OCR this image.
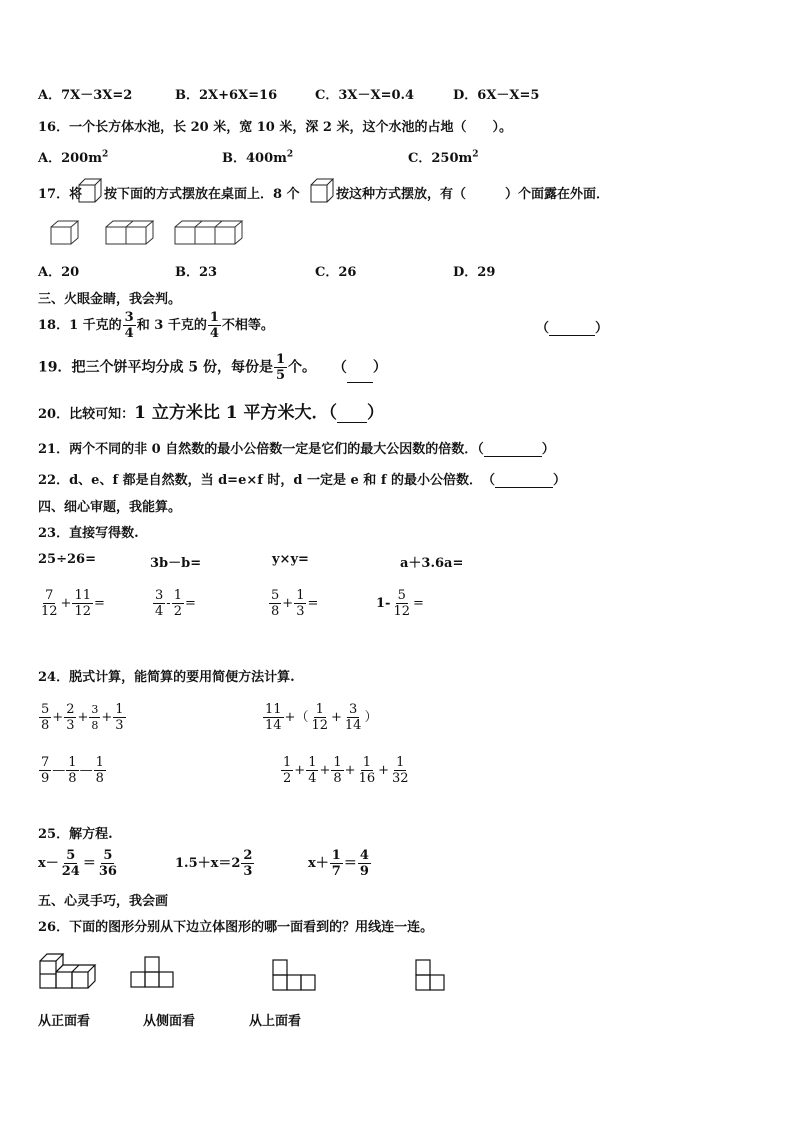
A．7X－3X=2	B．2X+6X=16	C．3X－X=0.4	D．6X－X=5
16．一个长方体水池，长 20 米，宽 10 米，深 2 米，这个水池的占地（　　）。
A．$200m^2$	B．$400m^2$	C．$250m^2$
17．将 按下面的方式摆放在桌面上．8 个	按这种方式摆放，有（　　　）个面露在外面．
A．20	B．23	C．26	D．29
三、火眼金睛，我会判。
18．1 千克的 $\frac{3}{4}$ 和 3 千克的 $\frac{1}{4}$ 不相等。	（	）
19．把三个饼平均分成 5 份，每份是 $\frac{1}{5}$ 个。 （ ）
20．比较可知：1 立方米比 1 平方米大．（ ）
21．两个不同的非 0 自然数的最小公倍数一定是它们的最大公因数的倍数．（	）
22．d、e、f 都是自然数，当 d=e×f 时，d 一定是 e 和 f 的最小公倍数．　（	）
四、细心审题，我能算。
23．直接写得数.
25÷26=	3b－b=	y×y=	a＋3.6a=
$\frac{7}{12} + \frac{11}{12}$ =	$\frac{3}{4} - \frac{1}{2}$ =	$\frac{5}{8} + \frac{1}{3}$ =	$1- \frac{5}{12}$ =
24．脱式计算，能简算的要用简便方法计算.
$\frac{5}{8} + \frac{2}{3} + \frac{3}{8} + \frac{1}{3}$	$\frac{11}{14}$ +（ $\frac{1}{12} + \frac{3}{14}$ ）
$\frac{7}{9}$ — $\frac{1}{8}$ — $\frac{1}{8}$	$\frac{1}{2} + \frac{1}{4} + \frac{1}{8} + \frac{1}{16} + \frac{1}{32}$
25．解方程.
$x- \frac{5}{24} = \frac{5}{36}$	$1.5+x=2 \frac{2}{3}$	$x+ \frac{1}{7} = \frac{4}{9}$
五、心灵手巧，我会画
26．下面的图形分别从下边立体图形的哪一面看到的？用线连一连。
从正面看	从侧面看	从上面看
